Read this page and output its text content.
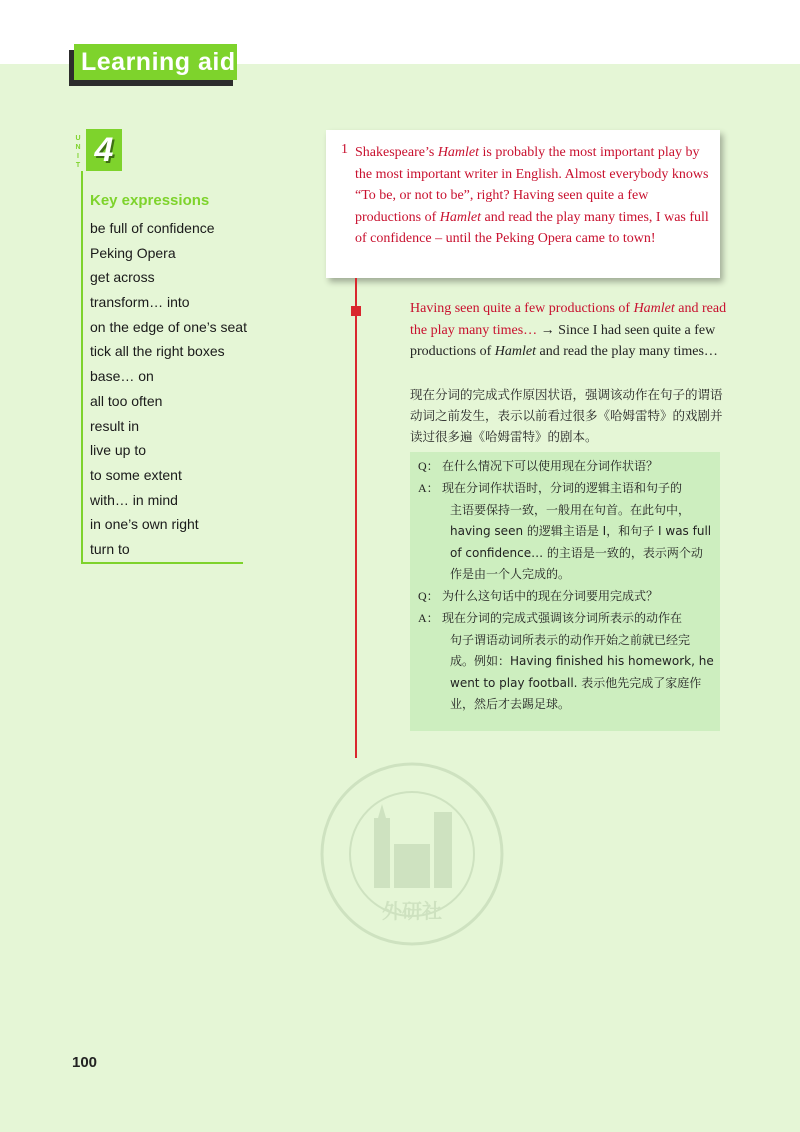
Learning aid
U
N
I
T 4
Key expressions
be full of confidence
Peking Opera
get across
transform… into
on the edge of one’s seat
tick all the right boxes
base… on
all too often
result in
live up to
to some extent
with… in mind
in one’s own right
turn to
1 Shakespeare’s Hamlet is probably the most important play by the most important writer in English. Almost everybody knows “To be, or not to be”, right? Having seen quite a few productions of Hamlet and read the play many times, I was full of confidence – until the Peking Opera came to town!
Having seen quite a few productions of Hamlet and read the play many times… → Since I had seen quite a few productions of Hamlet and read the play many times…
现在分词的完成式作原因状语，强调该动作在句子的谓语动词之前发生，表示以前看过很多《哈姆雷特》的戏剧并读过很多遍《哈姆雷特》的剧本。
Q： 在什么情况下可以使用现在分词作状语？
A： 现在分词作状语时，分词的逻辑主语和句子的
主语要保持一致，一般用在句首。在此句中，
having seen 的逻辑主语是 I，和句子 I was full
of confidence… 的主语是一致的，表示两个动
作是由一个人完成的。
Q： 为什么这句话中的现在分词要用完成式？
A： 现在分词的完成式强调该分词所表示的动作在
句子谓语动词所表示的动作开始之前就已经完
成。例如：Having finished his homework, he
went to play football. 表示他先完成了家庭作
业，然后才去踢足球。
外研社
100
